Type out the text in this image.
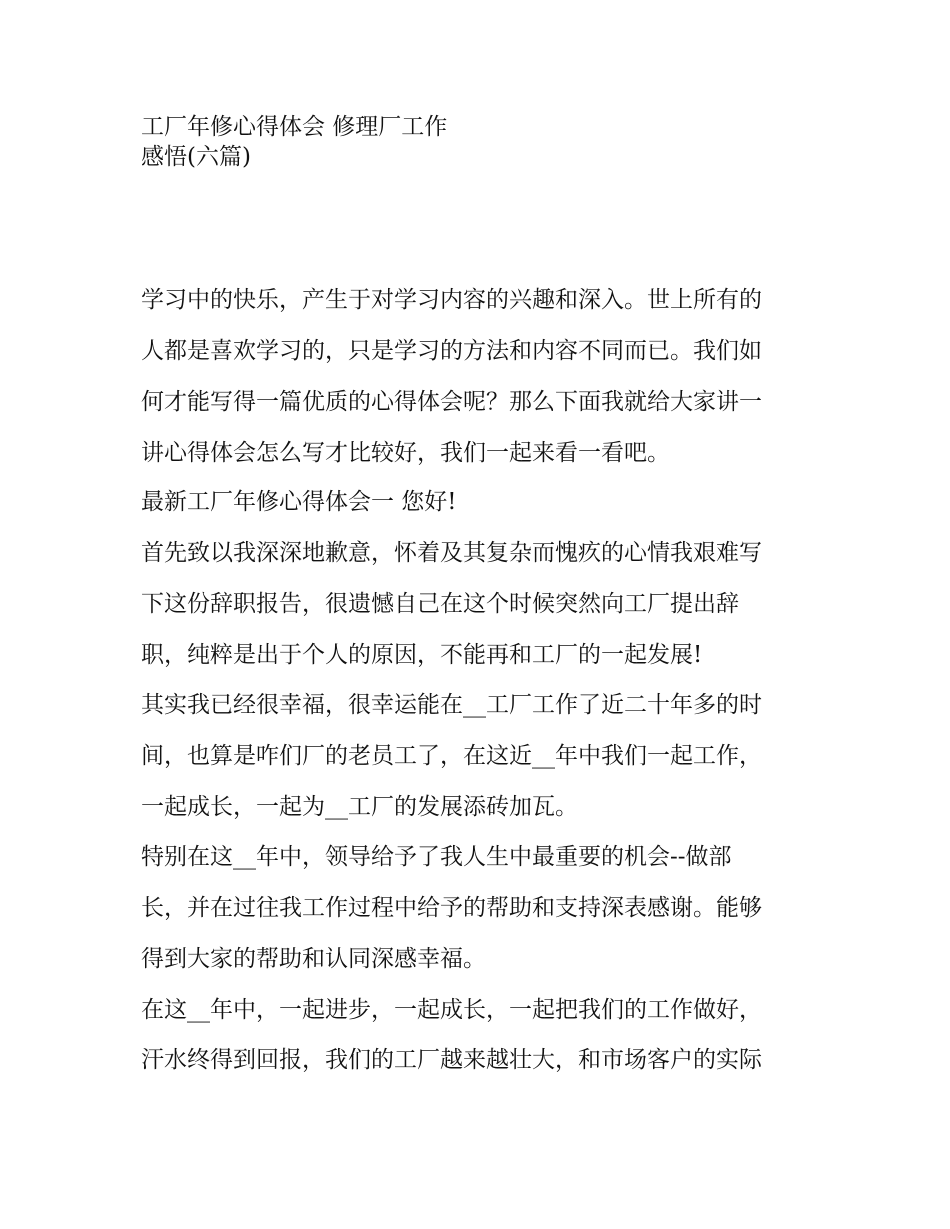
工厂年修心得体会 修理厂工作
感悟(六篇)
学习中的快乐，产生于对学习内容的兴趣和深入。世上所有的
人都是喜欢学习的，只是学习的方法和内容不同而已。我们如
何才能写得一篇优质的心得体会呢？那么下面我就给大家讲一
讲心得体会怎么写才比较好，我们一起来看一看吧。
最新工厂年修心得体会一 您好!
首先致以我深深地歉意，怀着及其复杂而愧疚的心情我艰难写
下这份辞职报告，很遗憾自己在这个时候突然向工厂提出辞
职，纯粹是出于个人的原因，不能再和工厂的一起发展!
其实我已经很幸福，很幸运能在__工厂工作了近二十年多的时
间，也算是咋们厂的老员工了，在这近__年中我们一起工作，
一起成长，一起为__工厂的发展添砖加瓦。
特别在这__年中，领导给予了我人生中最重要的机会--做部
长，并在过往我工作过程中给予的帮助和支持深表感谢。能够
得到大家的帮助和认同深感幸福。
在这__年中，一起进步，一起成长，一起把我们的工作做好，
汗水终得到回报，我们的工厂越来越壮大，和市场客户的实际
